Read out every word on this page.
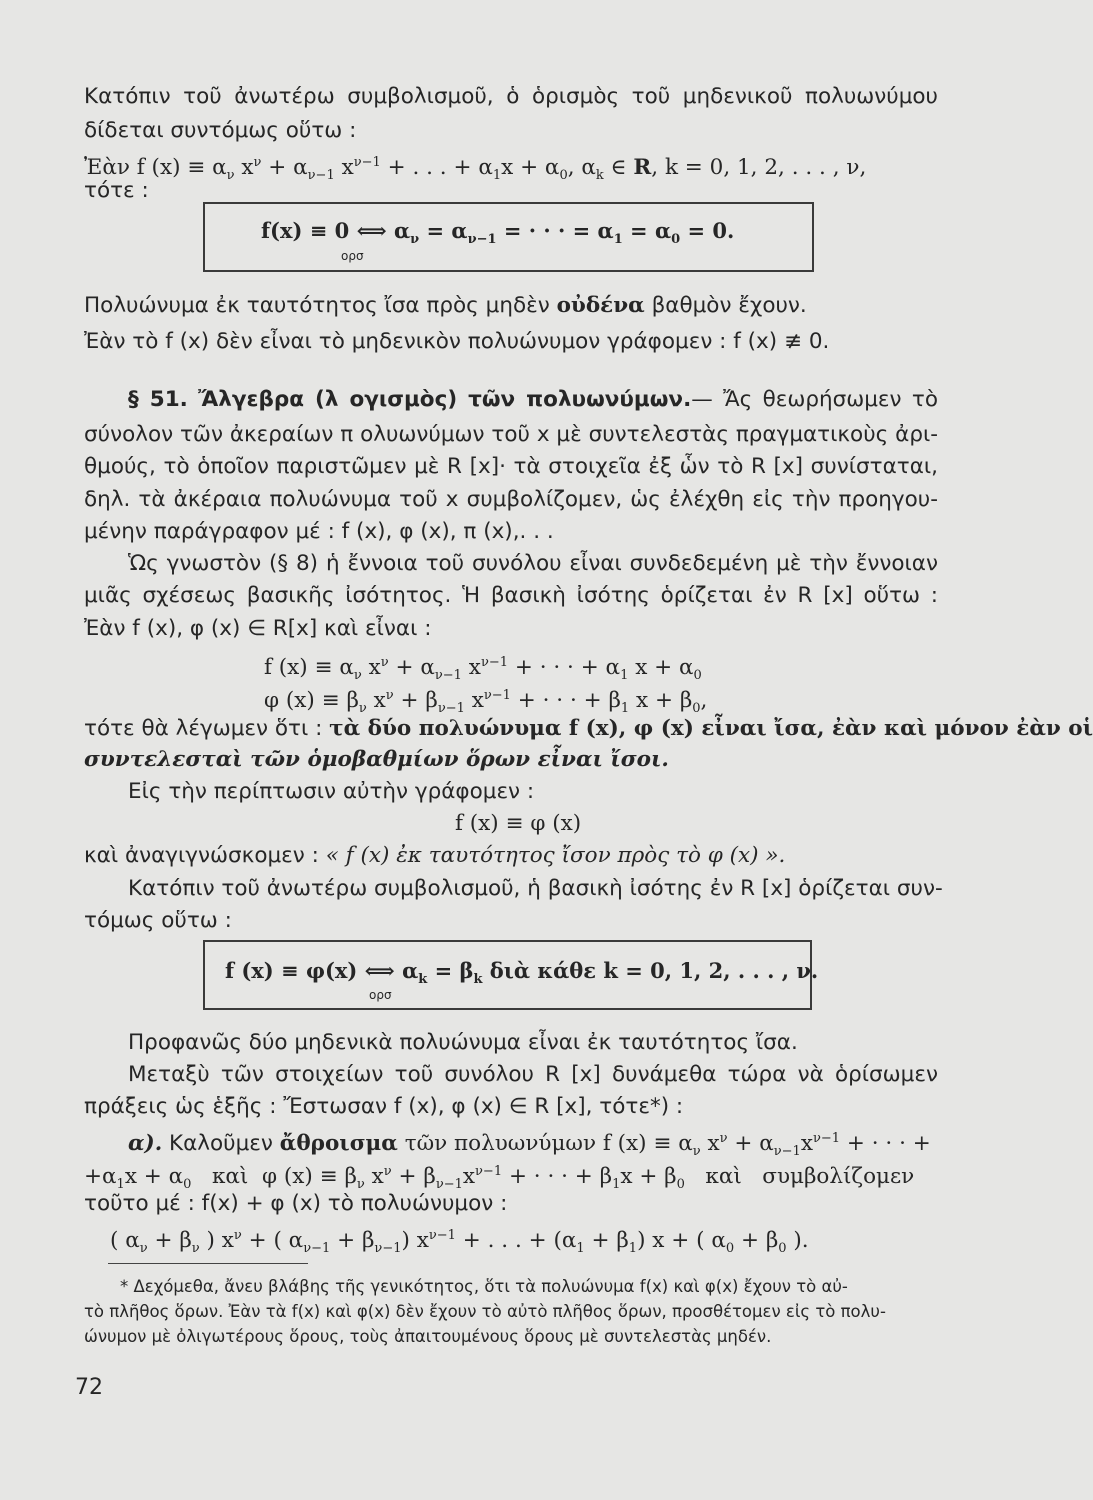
Κατόπιν τοῦ ἀνωτέρω συμβολισμοῦ, ὁ ὁρισμὸς τοῦ μηδενικοῦ πολυωνύμου
δίδεται συντόμως οὕτω :
Ἐὰν f $(x) \equiv \alpha_\nu$ $x^\nu + \alpha_{\nu-1}$ $x^{\nu-1}$ + . . . + $\alpha_1x + \alpha_0$, $\alpha_k$ ∈ R, k = 0, 1, 2, . . . , ν,
τότε :
f(x) ≡ 0 ⟺ $\alpha_\nu = \alpha_{\nu-1}$ = · · · = $\alpha_1 = \alpha_0 = 0$.
ορσ
Πολυώνυμα ἐκ ταυτότητος ἴσα πρὸς μηδὲν οὐδένα βαθμὸν ἔχουν.
Ἐὰν τὸ f (x) δὲν εἶναι τὸ μηδενικὸν πολυώνυμον γράφομεν : f (x) ≢ 0.
§ 51. Ἄλγεβρα (λ ογισμὸς) τῶν πολυωνύμων.— Ἄς θεωρήσωμεν τὸ
σύνολον τῶν ἀκεραίων π ολυωνύμων τοῦ x μὲ συντελεστὰς πραγματικοὺς ἀρι-
θμούς, τὸ ὁποῖον παριστῶμεν μὲ R [x]· τὰ στοιχεῖα ἐξ ὧν τὸ R [x] συνίσταται,
δηλ. τὰ ἀκέραια πολυώνυμα τοῦ x συμβολίζομεν, ὡς ἐλέχθη εἰς τὴν προηγου-
μένην παράγραφον μέ : f (x), φ (x), π (x),. . .
Ὡς γνωστὸν (§ 8) ἡ ἔννοια τοῦ συνόλου εἶναι συνδεδεμένη μὲ τὴν ἔννοιαν
μιᾶς σχέσεως βασικῆς ἰσότητος. Ἡ βασικὴ ἰσότης ὁρίζεται ἐν R [x] οὕτω :
Ἐὰν f (x), φ (x) ∈ R[x] καὶ εἶναι :
f $(x) \equiv \alpha_\nu$ $x^\nu + \alpha_{\nu-1}$ $x^{\nu-1}$ + · · · + $\alpha_1$ $x + \alpha_0$
φ $(x) \equiv \beta_\nu$ $x^\nu + \beta_{\nu-1}$ $x^{\nu-1}$ + · · · + $\beta_1$ $x + \beta_0$,
τότε θὰ λέγωμεν ὅτι : τὰ δύο πολυώνυμα f (x), φ (x) εἶναι ἴσα, ἐὰν καὶ μόνον ἐὰν οἱ
συντελεσταὶ τῶν ὁμοβαθμίων ὅρων εἶναι ἴσοι.
Εἰς τὴν περίπτωσιν αὐτὴν γράφομεν :
f (x) ≡ φ (x)
καὶ ἀναγιγνώσκομεν : « f (x) ἐκ ταυτότητος ἴσον πρὸς τὸ φ (x) ».
Κατόπιν τοῦ ἀνωτέρω συμβολισμοῦ, ἡ βασικὴ ἰσότης ἐν R [x] ὁρίζεται συν-
τόμως οὕτω :
f (x) ≡ φ(x) ⟺ $\alpha_k = \beta_k$ διὰ κάθε k = 0, 1, 2, . . . , ν.
ορσ
Προφανῶς δύο μηδενικὰ πολυώνυμα εἶναι ἐκ ταυτότητος ἴσα.
Μεταξὺ τῶν στοιχείων τοῦ συνόλου R [x] δυνάμεθα τώρα νὰ ὁρίσωμεν
πράξεις ὡς ἑξῆς : Ἔστωσαν f (x), φ (x) ∈ R [x], τότε*) :
α). Καλοῦμεν ἄθροισμα τῶν πολυωνύμων f $(x) \equiv \alpha_\nu$ $x^\nu + \alpha_{\nu-1}x^{\nu-1}$ + · · · +
$+\alpha_1x + \alpha_0$   καὶ  φ $(x) \equiv \beta_\nu$ $x^\nu + \beta_{\nu-1}x^{\nu-1}$ + · · · + $\beta_1x + \beta_0$   καὶ   συμβολίζομεν
τοῦτο μέ : f(x) + φ (x) τὸ πολυώνυμον :
( $\alpha_\nu + \beta_\nu$ ) $x^\nu$ + ( $\alpha_{\nu-1} + \beta_{\nu-1}$) $x^{\nu-1}$ + . . . + $(\alpha_1 + \beta_1) x$ + ( $\alpha_0 + \beta_0$ ).
* Δεχόμεθα, ἄνευ βλάβης τῆς γενικότητος, ὅτι τὰ πολυώνυμα f(x) καὶ φ(x) ἔχουν τὸ αὐ-
τὸ πλῆθος ὅρων. Ἐὰν τὰ f(x) καὶ φ(x) δὲν ἔχουν τὸ αὐτὸ πλῆθος ὅρων, προσθέτομεν εἰς τὸ πολυ-
ώνυμον μὲ ὀλιγωτέρους ὅρους, τοὺς ἀπαιτουμένους ὅρους μὲ συντελεστὰς μηδέν.
72
